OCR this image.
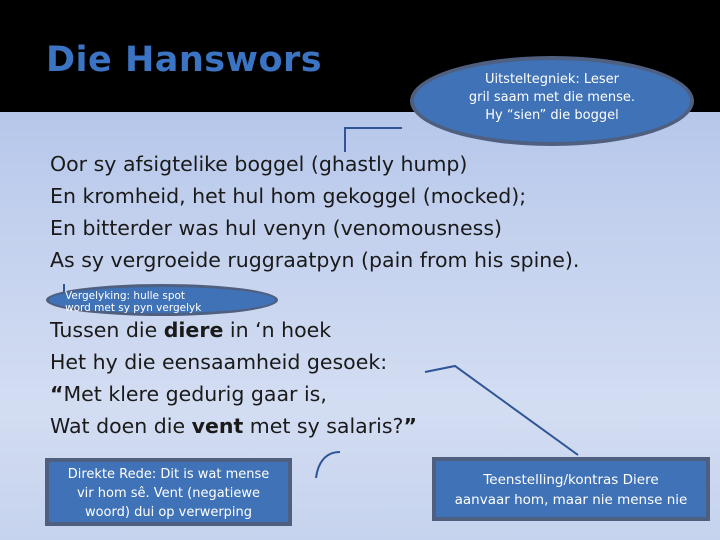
Die Hanswors
Oor sy afsigtelike boggel (ghastly hump)
En kromheid, het hul hom gekoggel (mocked);
En bitterder was hul venyn (venomousness)
As sy vergroeide ruggraatpyn (pain from his spine).
Tussen die diere in ‘n hoek
Het hy die eensaamheid gesoek:
“Met klere gedurig gaar is,
Wat doen die vent met sy salaris?”
Uitsteltegniek: Leser
gril saam met die mense.
Hy “sien” die boggel
Vergelyking: hulle spot
word met sy pyn vergelyk
Direkte Rede: Dit is wat mense
vir hom sê. Vent (negatiewe
woord) dui op verwerping
Teenstelling/kontras Diere
aanvaar hom, maar nie mense nie
